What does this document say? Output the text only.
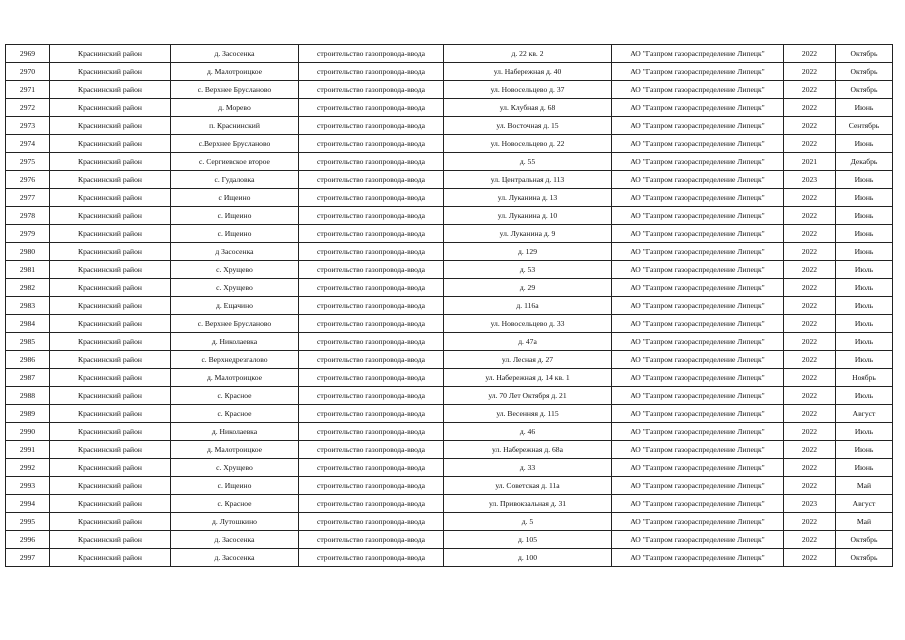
2969	Краснинский район	д. Засосенка	строительство газопровода-ввода	д. 22 кв. 2	АО "Газпром газораспределение Липецк"	2022	Октябрь
2970	Краснинский район	д. Малотроицкое	строительство газопровода-ввода	ул. Набережная д. 40	АО "Газпром газораспределение Липецк"	2022	Октябрь
2971	Краснинский район	с. Верхнее Брусланово	строительство газопровода-ввода	ул. Новосельцево д. 37	АО "Газпром газораспределение Липецк"	2022	Октябрь
2972	Краснинский район	д. Морево	строительство газопровода-ввода	ул. Клубная д. 68	АО "Газпром газораспределение Липецк"	2022	Июнь
2973	Краснинский район	п. Краснинский	строительство газопровода-ввода	ул. Восточная д. 15	АО "Газпром газораспределение Липецк"	2022	Сентябрь
2974	Краснинский район	с.Верхнее Брусланово	строительство газопровода-ввода	ул. Новосельцево д. 22	АО "Газпром газораспределение Липецк"	2022	Июнь
2975	Краснинский район	с. Сергиевское второе	строительство газопровода-ввода	д. 55	АО "Газпром газораспределение Липецк"	2021	Декабрь
2976	Краснинский район	с. Гудаловка	строительство газопровода-ввода	ул. Центральная д. 113	АО "Газпром газораспределение Липецк"	2023	Июнь
2977	Краснинский район	с Ищеино	строительство газопровода-ввода	ул. Луканина д. 13	АО "Газпром газораспределение Липецк"	2022	Июнь
2978	Краснинский район	с. Ищеино	строительство газопровода-ввода	ул. Луканина д. 10	АО "Газпром газораспределение Липецк"	2022	Июнь
2979	Краснинский район	с. Ищеино	строительство газопровода-ввода	ул. Луканина д. 9	АО "Газпром газораспределение Липецк"	2022	Июнь
2980	Краснинский район	д Засосенка	строительство газопровода-ввода	д. 129	АО "Газпром газораспределение Липецк"	2022	Июнь
2981	Краснинский район	с. Хрущево	строительство газопровода-ввода	д. 53	АО "Газпром газораспределение Липецк"	2022	Июль
2982	Краснинский район	с. Хрущево	строительство газопровода-ввода	д. 29	АО "Газпром газораспределение Липецк"	2022	Июль
2983	Краснинский район	д. Ещачино	строительство газопровода-ввода	д. 116а	АО "Газпром газораспределение Липецк"	2022	Июль
2984	Краснинский район	с. Верхнее Брусланово	строительство газопровода-ввода	ул. Новосельцево д. 33	АО "Газпром газораспределение Липецк"	2022	Июль
2985	Краснинский район	д. Николаевка	строительство газопровода-ввода	д. 47а	АО "Газпром газораспределение Липецк"	2022	Июль
2986	Краснинский район	с. Верхнедрезгалово	строительство газопровода-ввода	ул. Лесная д. 27	АО "Газпром газораспределение Липецк"	2022	Июль
2987	Краснинский район	д. Малотроицкое	строительство газопровода-ввода	ул. Набережная д. 14 кв. 1	АО "Газпром газораспределение Липецк"	2022	Ноябрь
2988	Краснинский район	с. Красное	строительство газопровода-ввода	ул. 70 Лет Октября д. 21	АО "Газпром газораспределение Липецк"	2022	Июль
2989	Краснинский район	с. Красное	строительство газопровода-ввода	ул. Весенняя д. 115	АО "Газпром газораспределение Липецк"	2022	Август
2990	Краснинский район	д. Николаевка	строительство газопровода-ввода	д. 46	АО "Газпром газораспределение Липецк"	2022	Июль
2991	Краснинский район	д. Малотроицкое	строительство газопровода-ввода	ул. Набережная д. 68а	АО "Газпром газораспределение Липецк"	2022	Июнь
2992	Краснинский район	с. Хрущево	строительство газопровода-ввода	д. 33	АО "Газпром газораспределение Липецк"	2022	Июнь
2993	Краснинский район	с. Ищеино	строительство газопровода-ввода	ул. Советская д. 11а	АО "Газпром газораспределение Липецк"	2022	Май
2994	Краснинский район	с. Красное	строительство газопровода-ввода	ул. Привокзальная д. 31	АО "Газпром газораспределение Липецк"	2023	Август
2995	Краснинский район	д. Лутошкино	строительство газопровода-ввода	д. 5	АО "Газпром газораспределение Липецк"	2022	Май
2996	Краснинский район	д. Засосенка	строительство газопровода-ввода	д. 105	АО "Газпром газораспределение Липецк"	2022	Октябрь
2997	Краснинский район	д. Засосенка	строительство газопровода-ввода	д. 100	АО "Газпром газораспределение Липецк"	2022	Октябрь
